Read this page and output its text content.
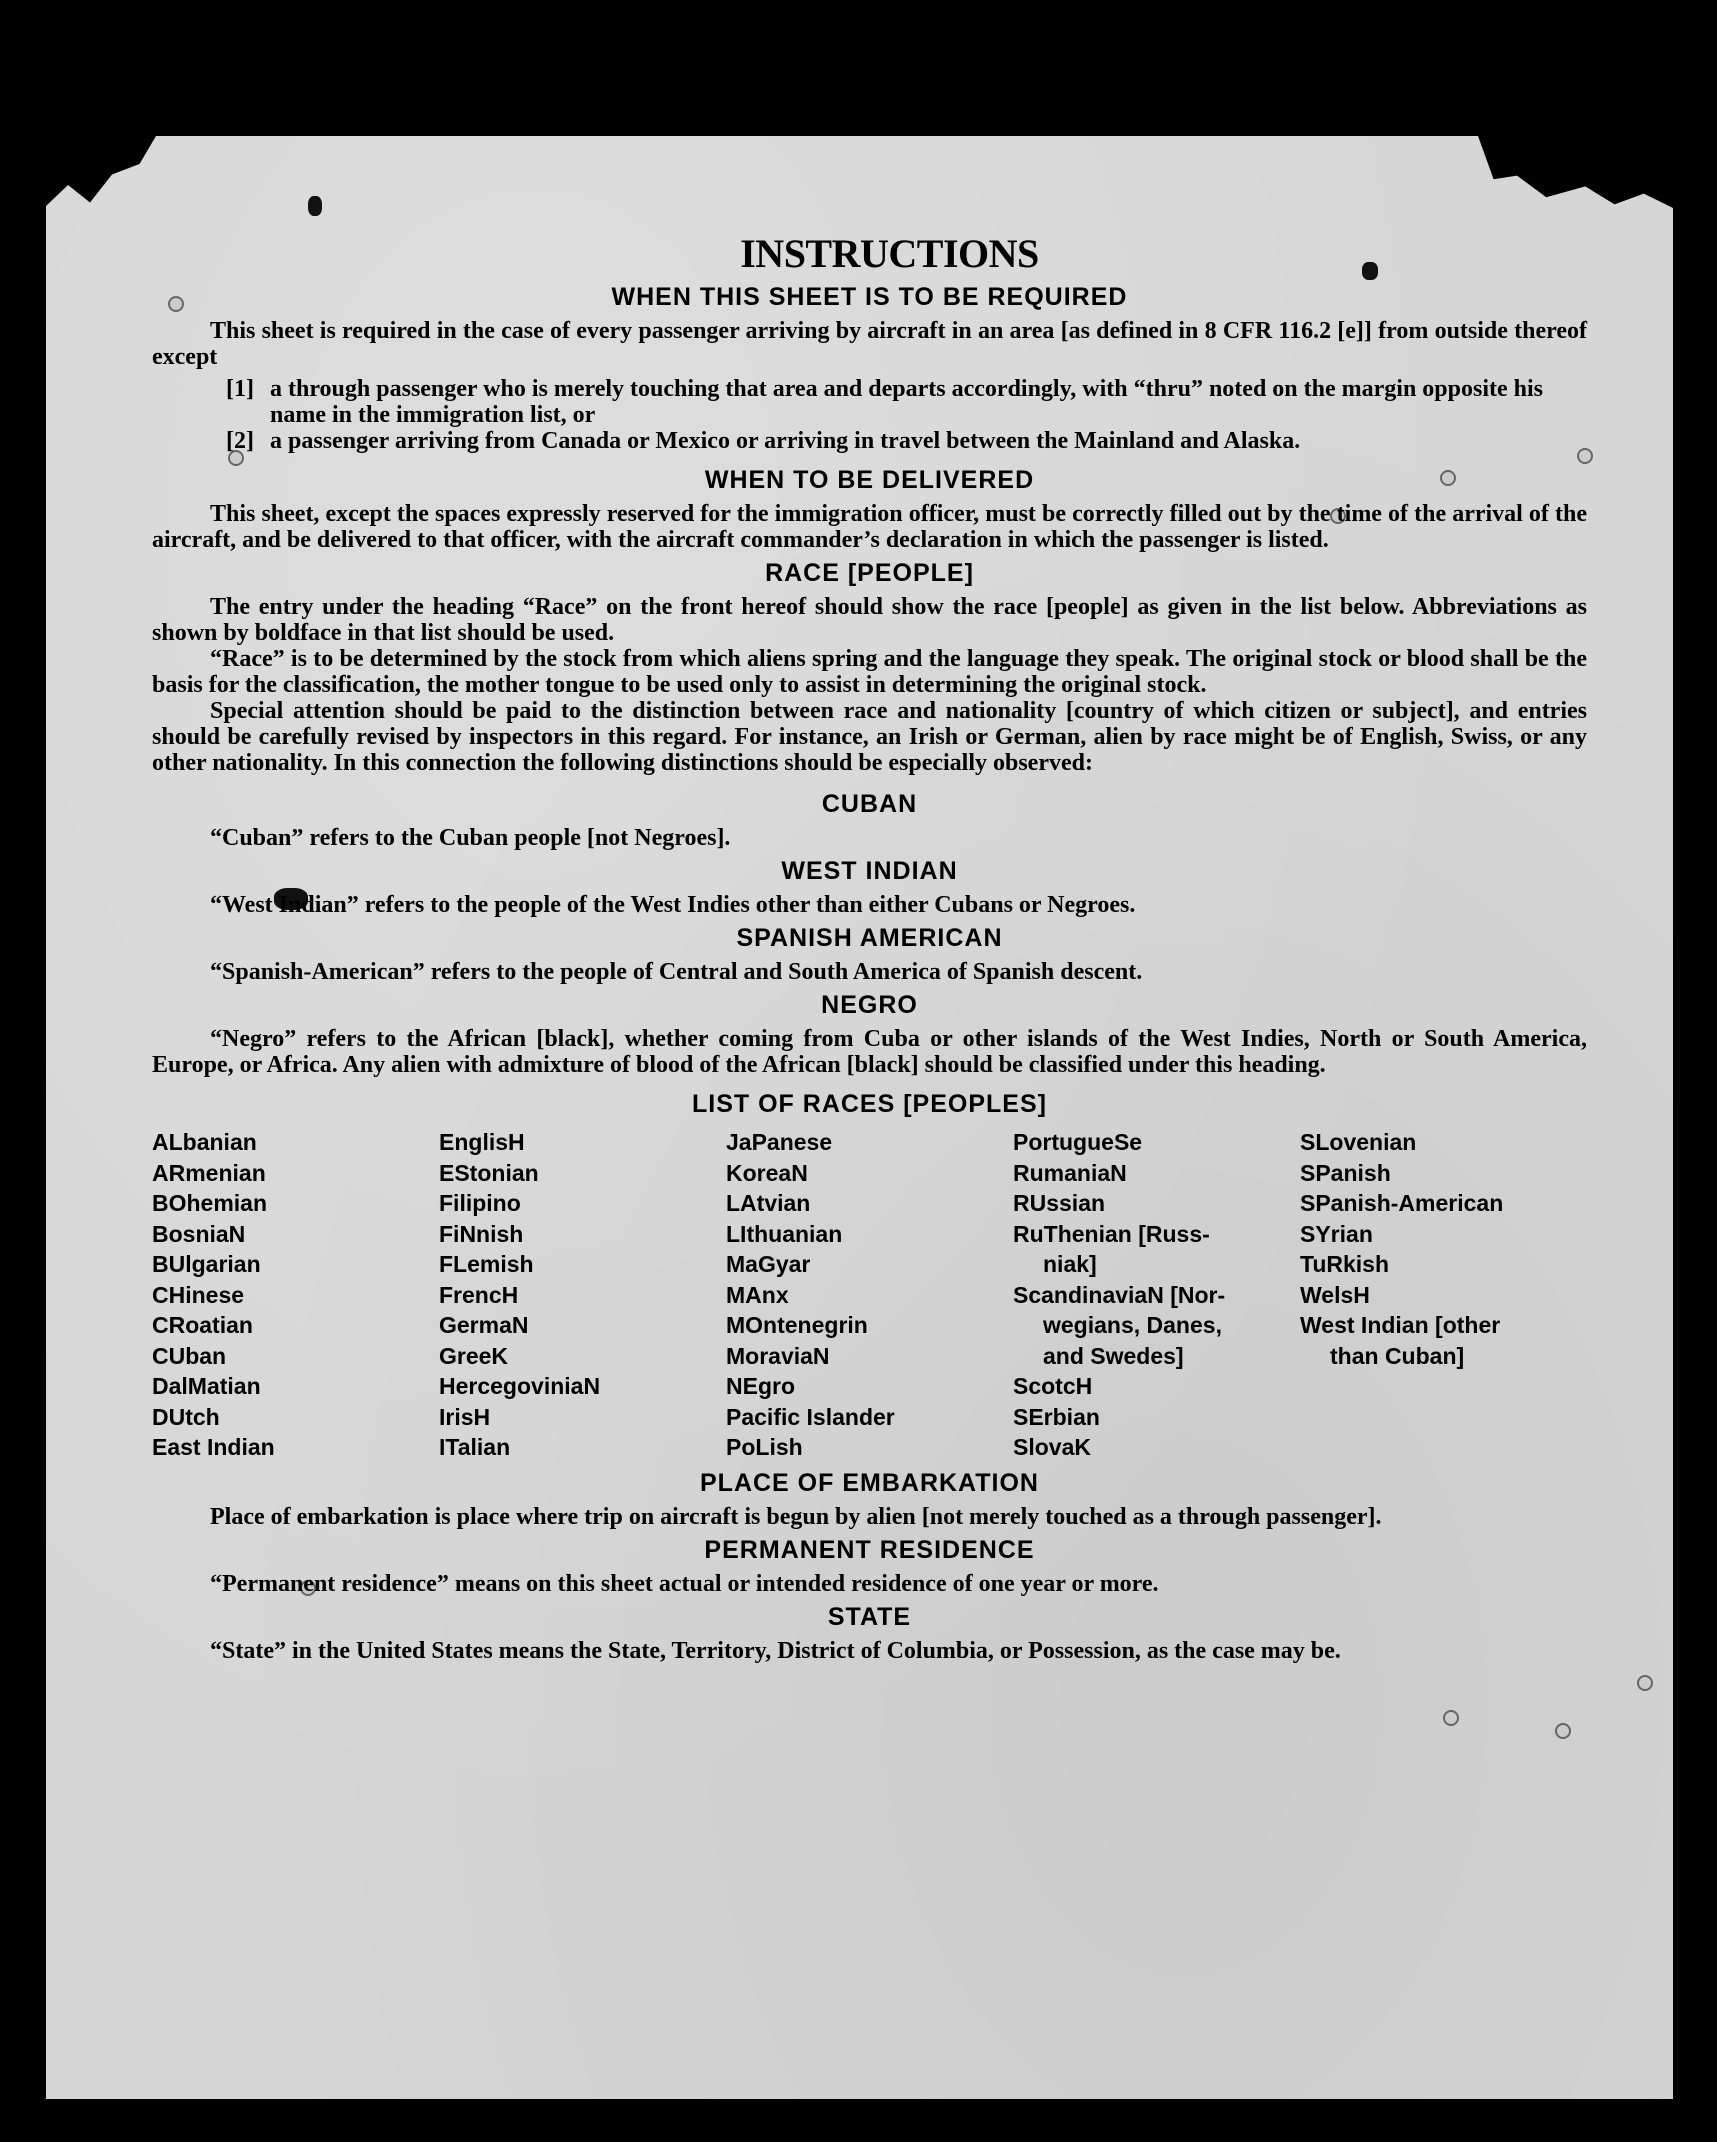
INSTRUCTIONS
WHEN THIS SHEET IS TO BE REQUIRED

This sheet is required in the case of every passenger arriving by aircraft in an area [as defined in 8 CFR 116.2 [e]] from outside thereof except

[1] a through passenger who is merely touching that area and departs accordingly, with “thru” noted on the margin opposite his name in the immigration list, or
[2] a passenger arriving from Canada or Mexico or arriving in travel between the Mainland and Alaska.
WHEN TO BE DELIVERED

This sheet, except the spaces expressly reserved for the immigration officer, must be correctly filled out by the time of the arrival of the aircraft, and be delivered to that officer, with the aircraft commander’s declaration in which the passenger is listed.

RACE [PEOPLE]

The entry under the heading “Race” on the front hereof should show the race [people] as given in the list below. Abbreviations as shown by boldface in that list should be used.

“Race” is to be determined by the stock from which aliens spring and the language they speak. The original stock or blood shall be the basis for the classification, the mother tongue to be used only to assist in determining the original stock.

Special attention should be paid to the distinction between race and nationality [country of which citizen or subject], and entries should be carefully revised by inspectors in this regard. For instance, an Irish or German, alien by race might be of English, Swiss, or any other nationality. In this connection the following distinctions should be especially observed:

CUBAN

“Cuban” refers to the Cuban people [not Negroes].

WEST INDIAN

“West Indian” refers to the people of the West Indies other than either Cubans or Negroes.

SPANISH AMERICAN

“Spanish-American” refers to the people of Central and South America of Spanish descent.

NEGRO

“Negro” refers to the African [black], whether coming from Cuba or other islands of the West Indies, North or South America, Europe, or Africa. Any alien with admixture of blood of the African [black] should be classified under this heading.

LIST OF RACES [PEOPLES]
ALbanian
ARmenian
BOhemian
BosniaN
BUlgarian
CHinese
CRoatian
CUban
DalMatian
DUtch
East Indian
EnglisH
EStonian
Filipino
FiNnish
FLemish
FrencH
GermaN
GreeK
HercegoviniaN
IrisH
ITalian
JaPanese
KoreaN
LAtvian
LIthuanian
MaGyar
MAnx
MOntenegrin
MoraviaN
NEgro
Pacific Islander
PoLish
PortugueSe
RumaniaN
RUssian
RuThenian [Russ-
niak]
ScandinaviaN [Nor-
wegians, Danes,
and Swedes]
ScotcH
SErbian
SlovaK
SLovenian
SPanish
SPanish-American
SYrian
TuRkish
WelsH
West Indian [other
than Cuban]
PLACE OF EMBARKATION

Place of embarkation is place where trip on aircraft is begun by alien [not merely touched as a through passenger].

PERMANENT RESIDENCE

“Permanent residence” means on this sheet actual or intended residence of one year or more.

STATE

“State” in the United States means the State, Territory, District of Columbia, or Possession, as the case may be.
